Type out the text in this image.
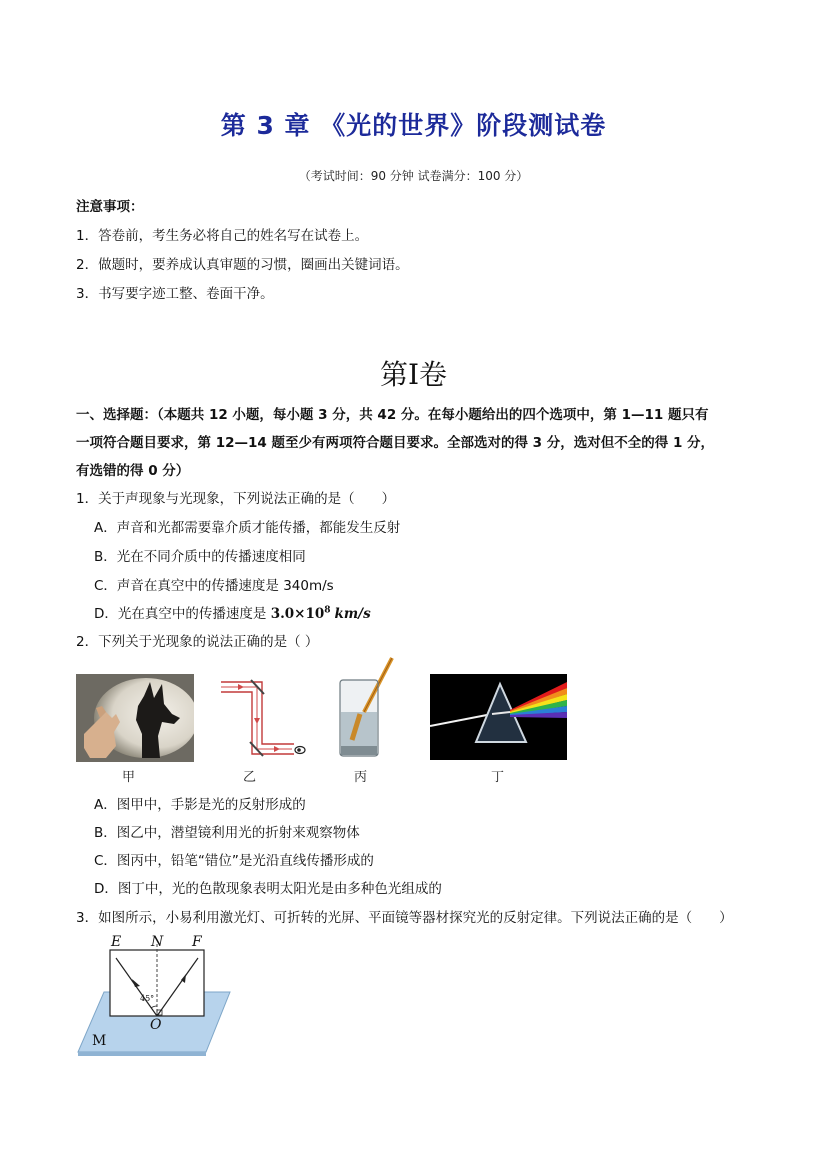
第 3 章 《光的世界》阶段测试卷
（考试时间：90 分钟 试卷满分：100 分）
注意事项：
1．答卷前，考生务必将自己的姓名写在试卷上。
2．做题时，要养成认真审题的习惯，圈画出关键词语。
3．书写要字迹工整、卷面干净。
第Ⅰ卷
一、选择题：（本题共 12 小题，每小题 3 分，共 42 分。在每小题给出的四个选项中，第 1—11 题只有
一项符合题目要求，第 12—14 题至少有两项符合题目要求。全部选对的得 3 分，选对但不全的得 1 分，
有选错的得 0 分）
1．关于声现象与光现象，下列说法正确的是（　　）
A．声音和光都需要靠介质才能传播，都能发生反射
B．光在不同介质中的传播速度相同
C．声音在真空中的传播速度是 340m/s
D．光在真空中的传播速度是 $3.0\times 10^8$ km/s
2．下列关于光现象的说法正确的是（ ）
甲	乙	丙	丁
A．图甲中，手影是光的反射形成的
B．图乙中，潜望镜利用光的折射来观察物体
C．图丙中，铅笔“错位”是光沿直线传播形成的
D．图丁中，光的色散现象表明太阳光是由多种色光组成的
3．如图所示，小易利用激光灯、可折转的光屏、平面镜等器材探究光的反射定律。下列说法正确的是（　　）
E N F
45°
O
M
